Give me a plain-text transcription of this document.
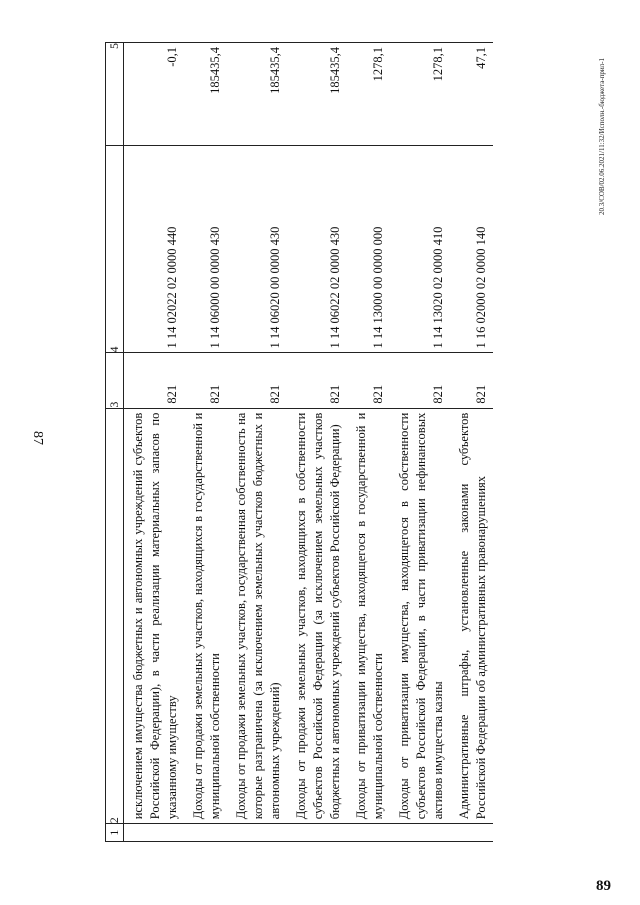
87
20.3/СОВ/02.06.2021/11:32/Исполн.-бюджета-прил-1
89
1	2	3	4	5
	исключением имущества бюджетных и автономных учреждений субъектов Российской Федерации), в части реализации материальных запасов по указанному имуществу	821	1 14 02022 02 0000 440	-0,1
	Доходы от продажи земельных участков, находящихся в государственной и муниципальной собственности	821	1 14 06000 00 0000 430	185435,4
	Доходы от продажи земельных участков, государственная собственность на которые разграничена (за исключением земельных участков бюджетных и автономных учреждений)	821	1 14 06020 00 0000 430	185435,4
	Доходы от продажи земельных участков, находящихся в собственности субъектов Российской Федерации (за исключением земельных участков бюджетных и автономных учреждений субъектов Российской Федерации)	821	1 14 06022 02 0000 430	185435,4
	Доходы от приватизации имущества, находящегося в государственной и муниципальной собственности	821	1 14 13000 00 0000 000	1278,1
	Доходы от приватизации имущества, находящегося в собственности субъектов Российской Федерации, в части приватизации нефинансовых активов имущества казны	821	1 14 13020 02 0000 410	1278,1
	Административные штрафы, установленные законами субъектов Российской Федерации об административных правонарушениях	821	1 16 02000 02 0000 140	47,1
